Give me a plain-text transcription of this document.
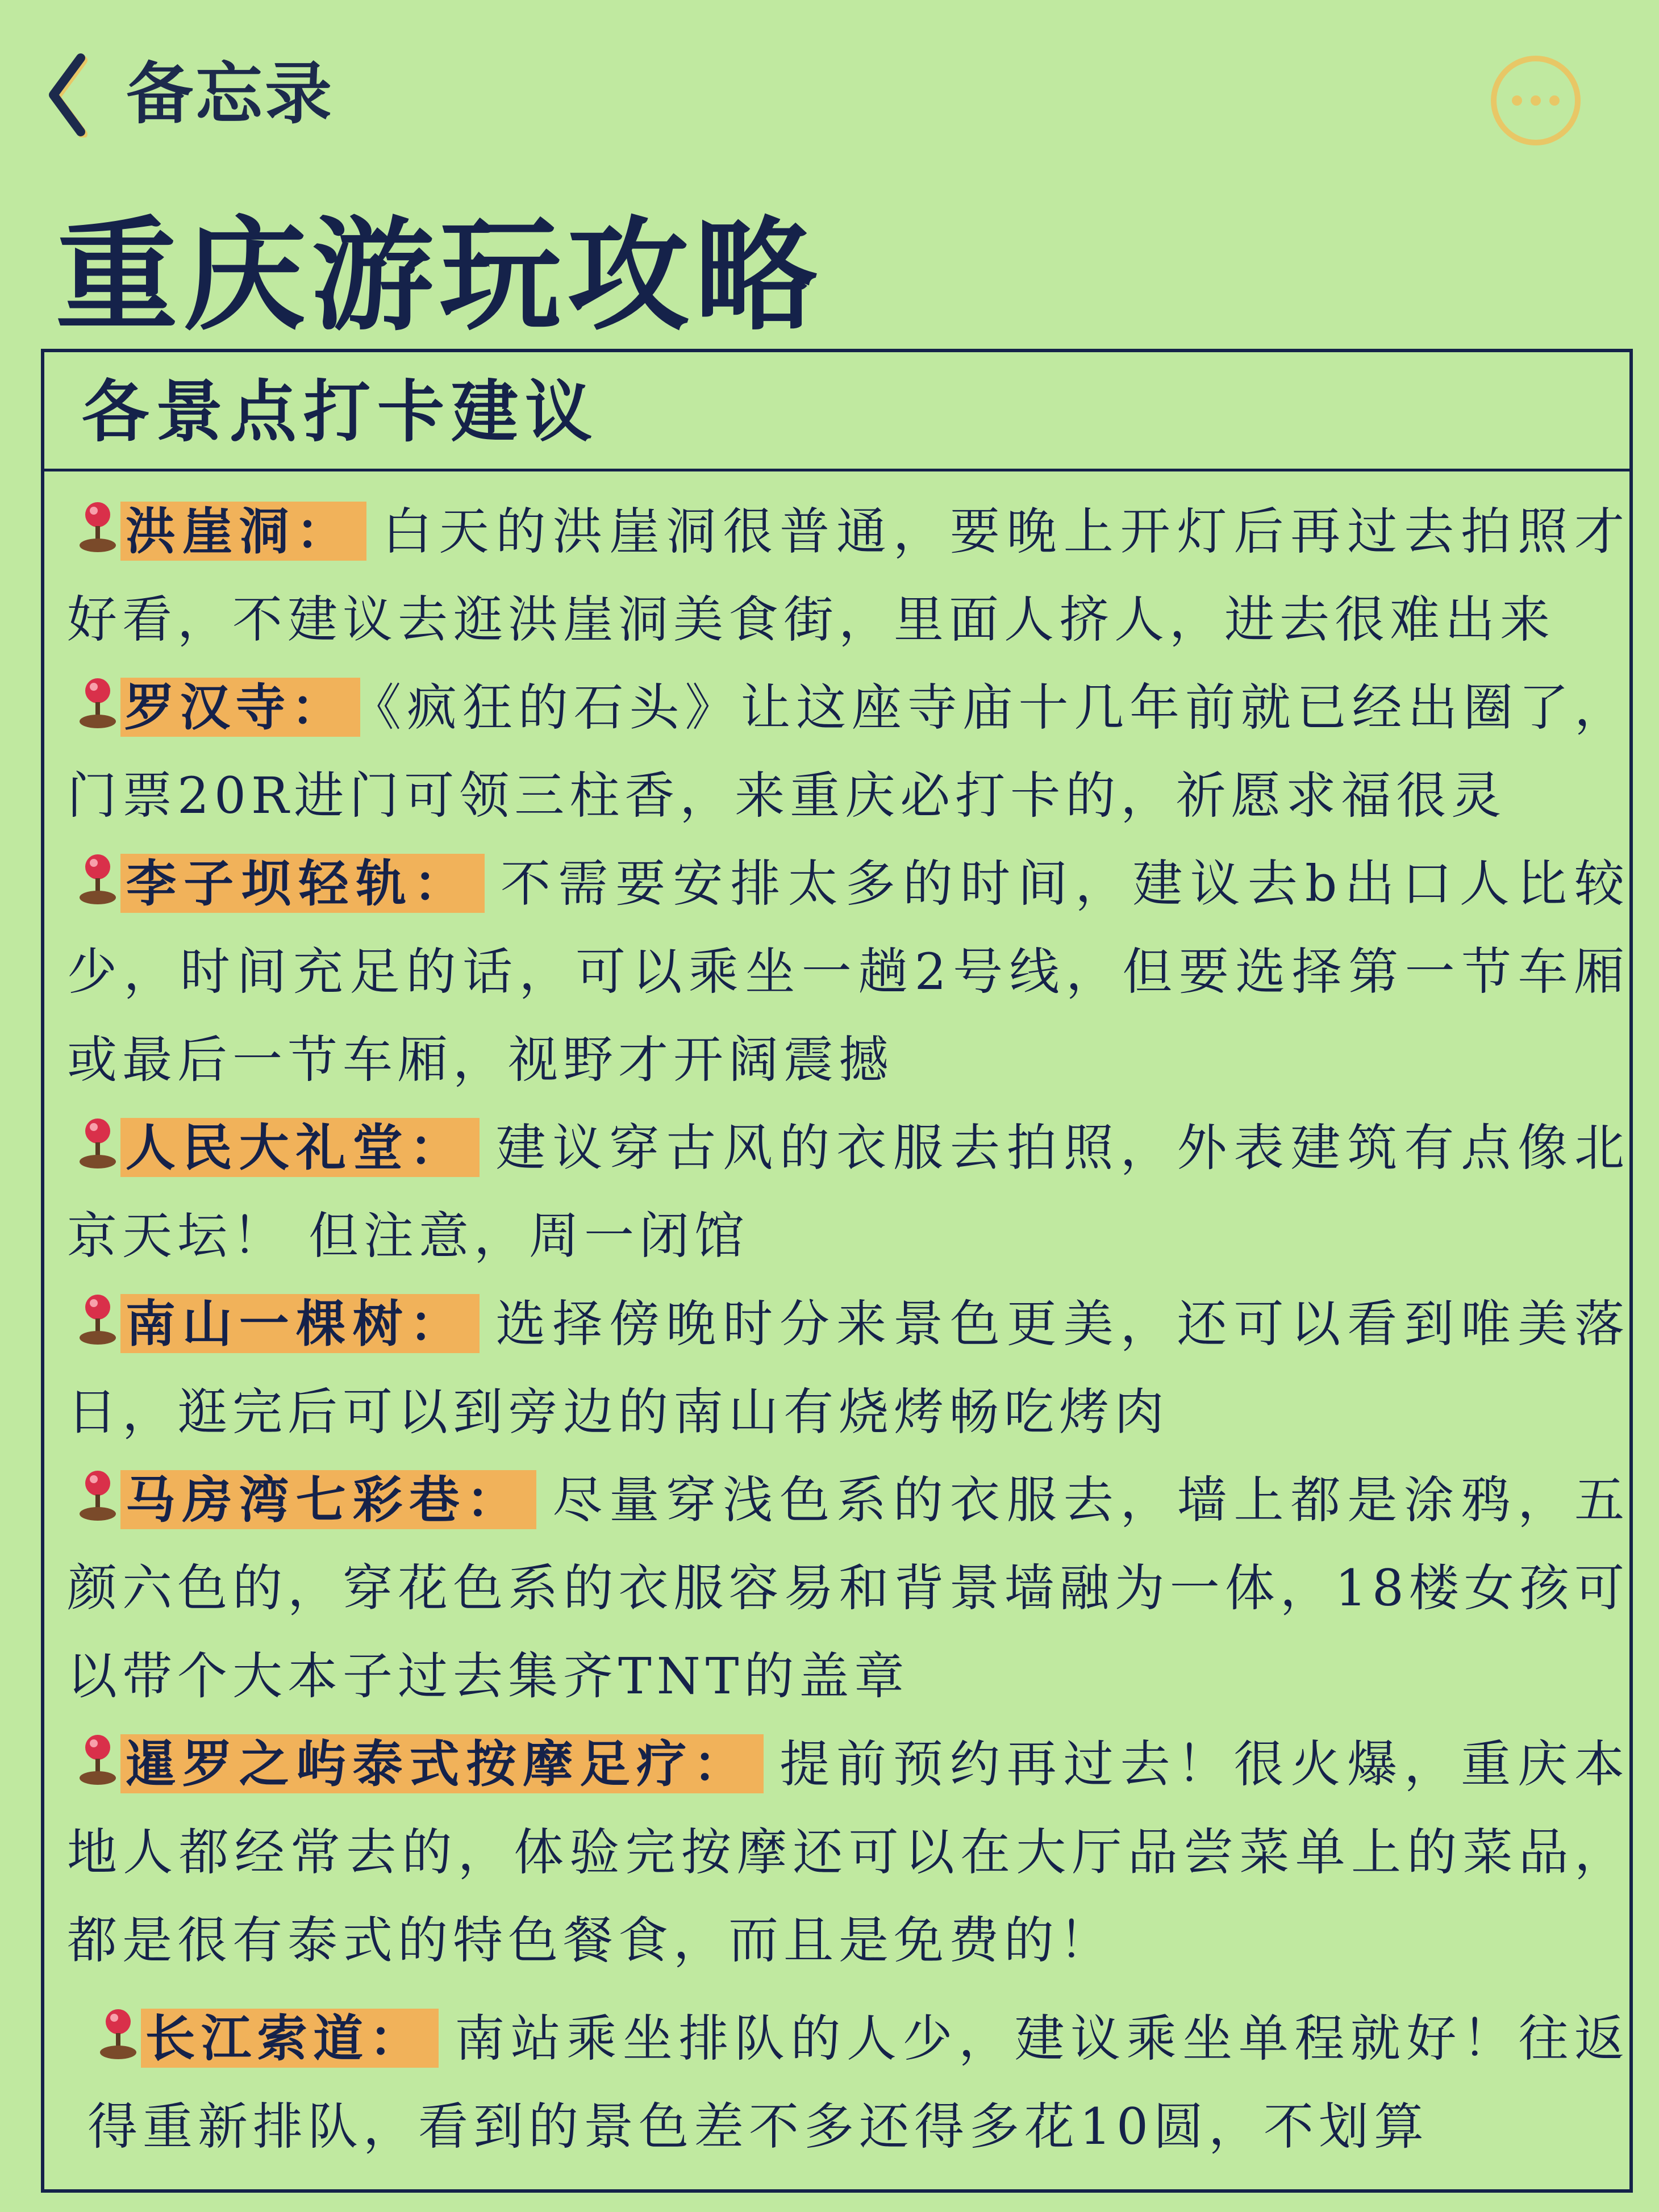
备忘录
重庆游玩攻略
各景点打卡建议

洪崖洞： 白天的洪崖洞很普通，要晚上开灯后再过去拍照才好看，不建议去逛洪崖洞美食街，里面人挤人，进去很难出来

罗汉寺： 《疯狂的石头》让这座寺庙十几年前就已经出圈了，门票20R进门可领三柱香，来重庆必打卡的，祈愿求福很灵

李子坝轻轨： 不需要安排太多的时间，建议去b出口人比较少，时间充足的话，可以乘坐一趟2号线，但要选择第一节车厢或最后一节车厢，视野才开阔震撼

人民大礼堂： 建议穿古风的衣服去拍照，外表建筑有点像北京天坛！ 但注意，周一闭馆

南山一棵树： 选择傍晚时分来景色更美，还可以看到唯美落日，逛完后可以到旁边的南山有烧烤畅吃烤肉

马房湾七彩巷： 尽量穿浅色系的衣服去，墙上都是涂鸦，五颜六色的，穿花色系的衣服容易和背景墙融为一体，18楼女孩可以带个大本子过去集齐TNT的盖章

暹罗之屿泰式按摩足疗： 提前预约再过去！很火爆，重庆本地人都经常去的，体验完按摩还可以在大厅品尝菜单上的菜品，都是很有泰式的特色餐食，而且是免费的！

长江索道： 南站乘坐排队的人少，建议乘坐单程就好！往返得重新排队，看到的景色差不多还得多花10圆，不划算
